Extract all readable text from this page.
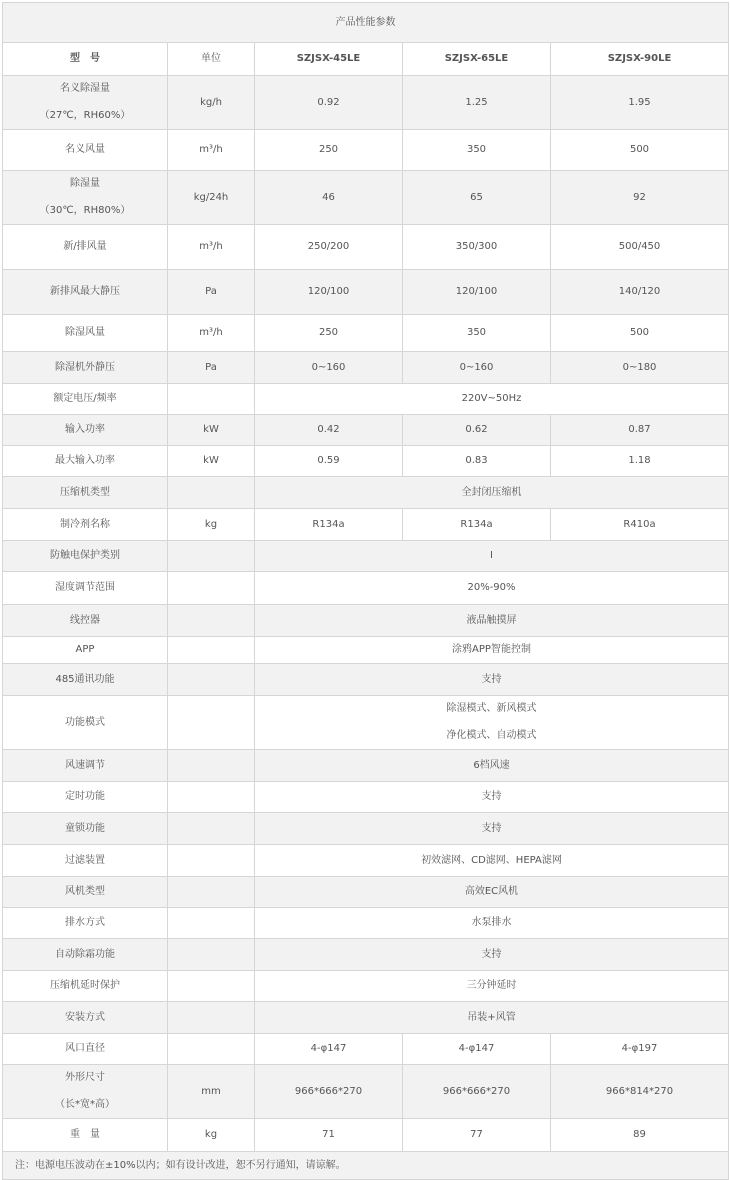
产品性能参数				
型　号	单位	SZJSX-45LE	SZJSX-65LE	SZJSX-90LE
名义除湿量
（27℃，RH60%）	kg/h	0.92	1.25	1.95
名义风量	m³/h	250	350	500
除湿量
（30℃，RH80%）	kg/24h	46	65	92
新/排风量	m³/h	250/200	350/300	500/450
新排风最大静压	Pa	120/100	120/100	140/120
除湿风量	m³/h	250	350	500
除湿机外静压	Pa	0~160	0~160	0~180
额定电压/频率		220V~50Hz		
输入功率	kW	0.42	0.62	0.87
最大输入功率	kW	0.59	0.83	1.18
压缩机类型		全封闭压缩机		
制冷剂名称	kg	R134a	R134a	R410a
防触电保护类别		I		
湿度调节范围		20%-90%		
线控器		液晶触摸屏		
APP		涂鸦APP智能控制		
485通讯功能		支持		
功能模式		除湿模式、新风模式
净化模式、自动模式		

风速调节		6档风速		
定时功能		支持		
童锁功能		支持		
过滤装置		初效滤网、CD滤网、HEPA滤网		
风机类型		高效EC风机		
排水方式		水泵排水		
自动除霜功能		支持		
压缩机延时保护		三分钟延时		
安装方式		吊装+风管		
风口直径		4-φ147	4-φ147	4-φ197
外形尺寸
（长*宽*高）	mm	966*666*270	966*666*270	966*814*270
重　量	kg	71	77	89
注：电源电压波动在±10%以内；如有设计改进，恕不另行通知，请谅解。				
